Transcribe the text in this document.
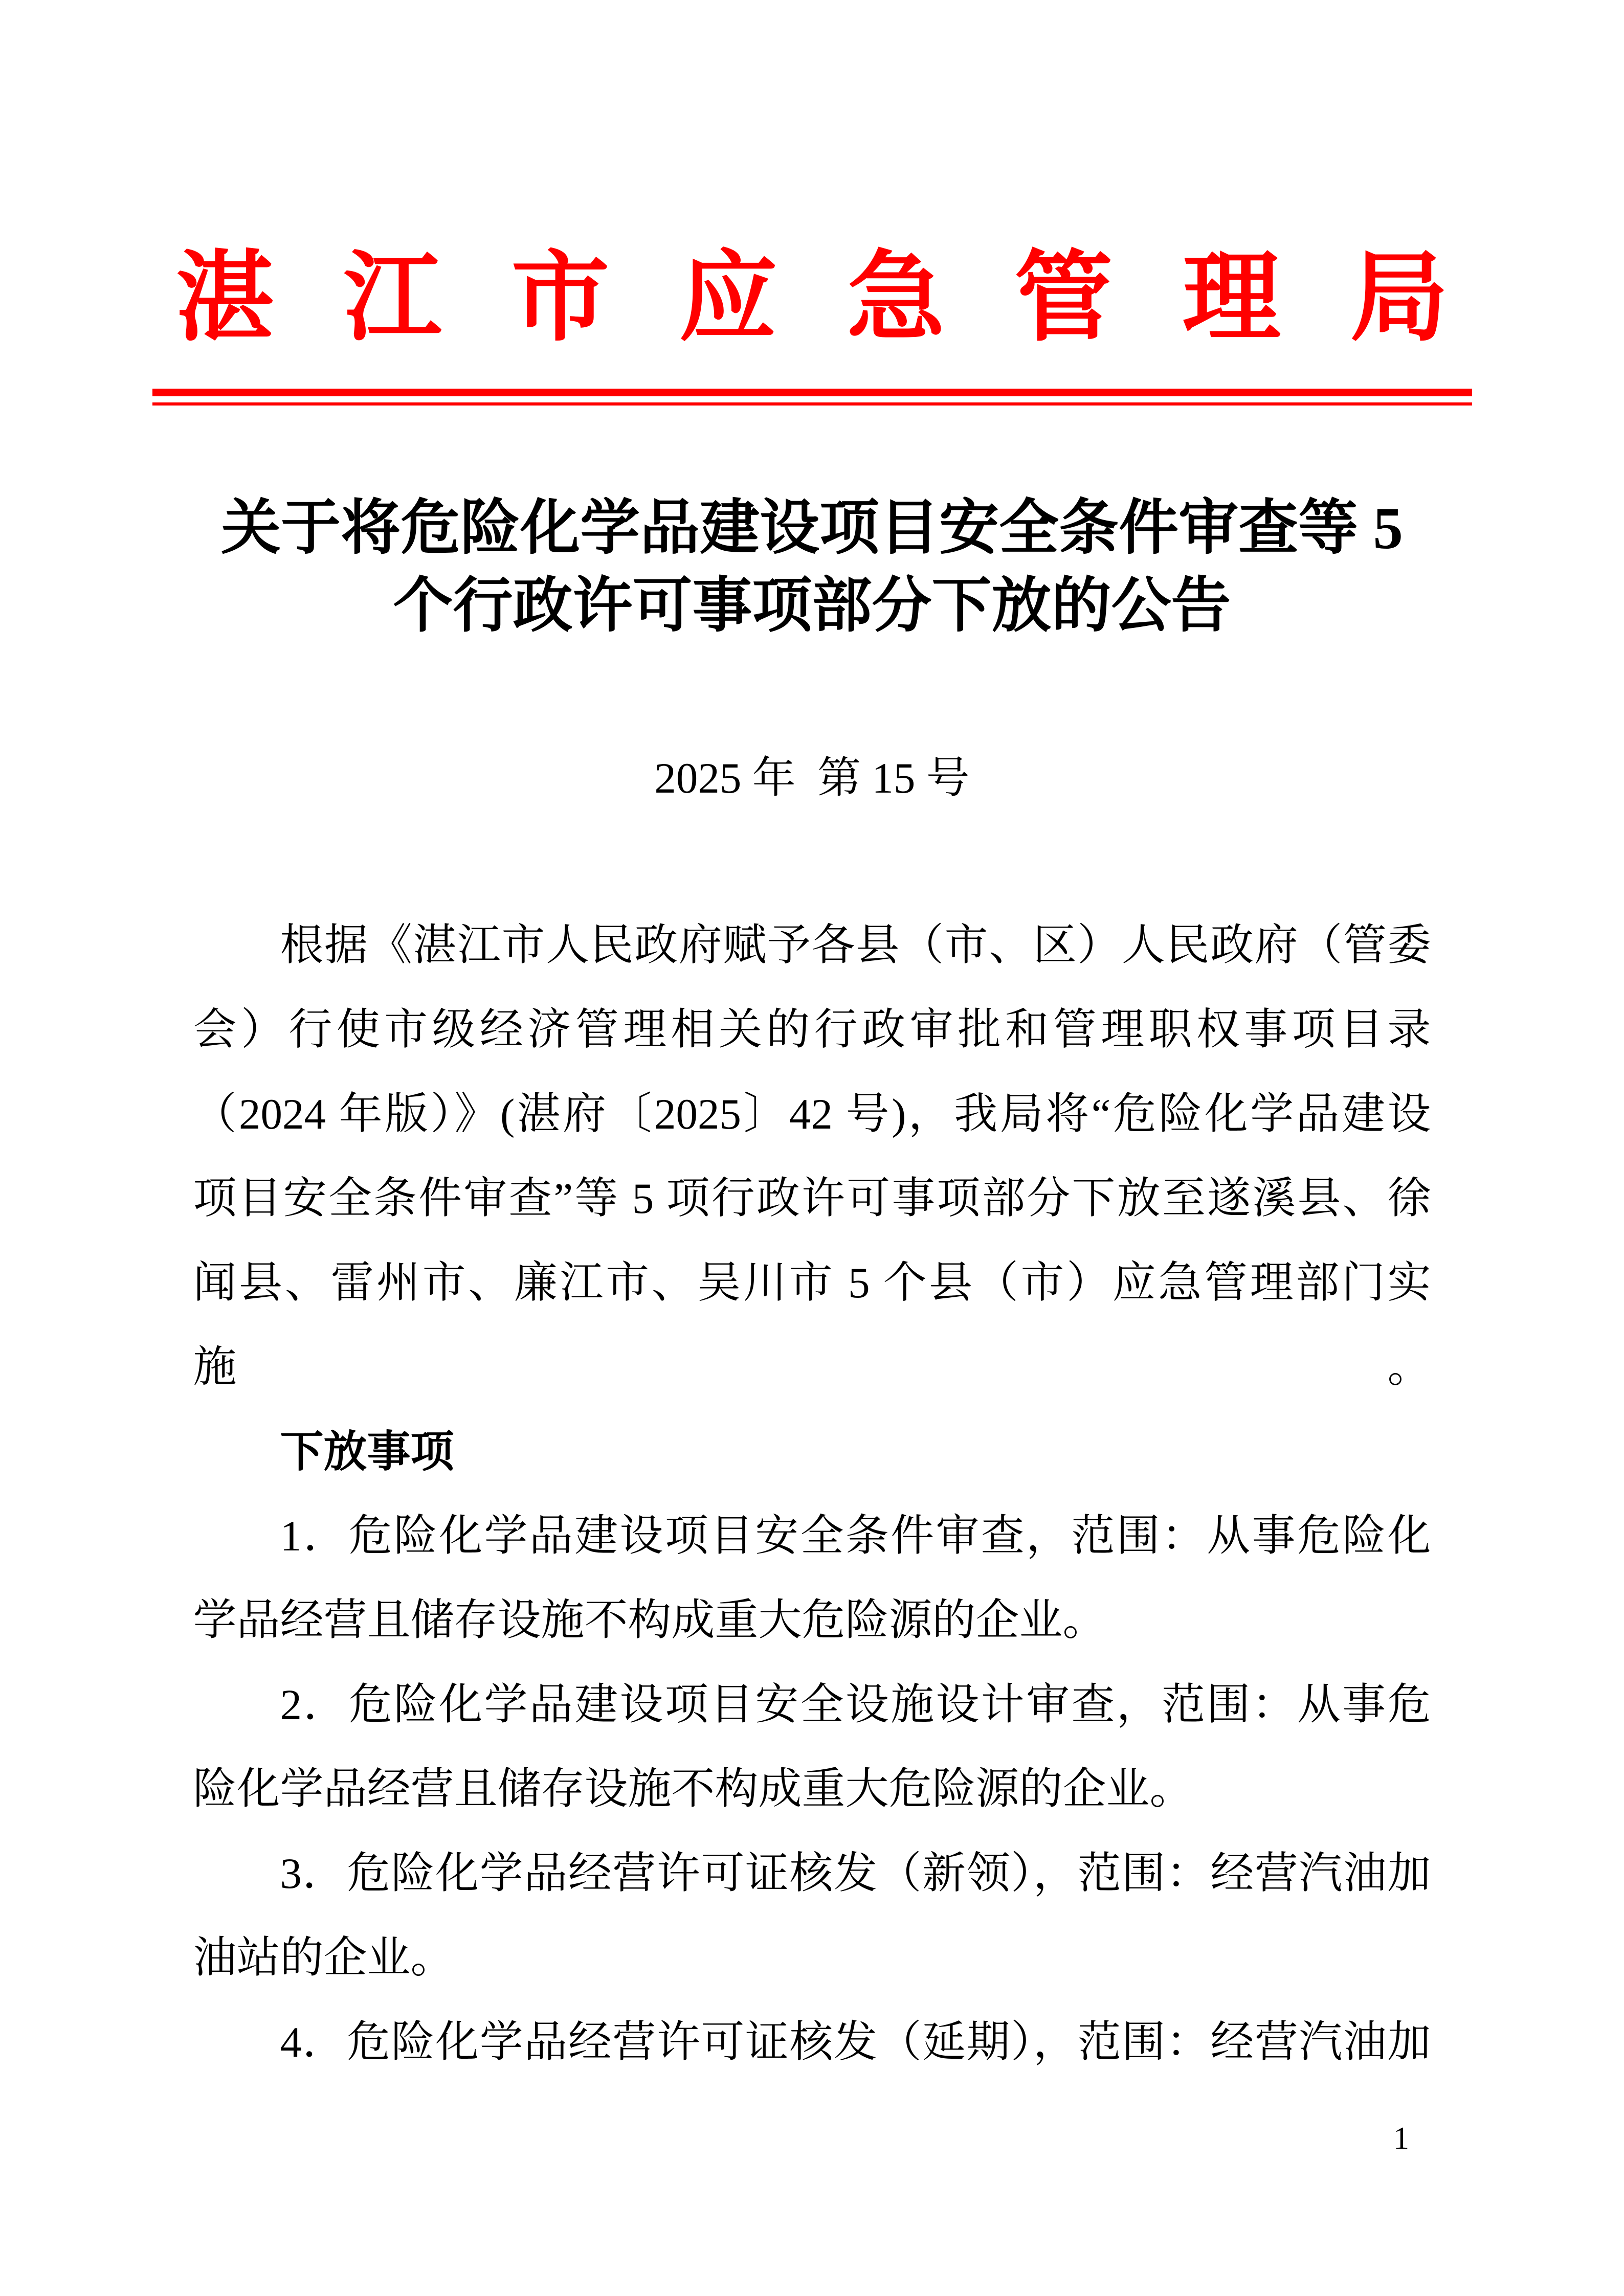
湛 江 市 应 急 管 理 局
关于将危险化学品建设项目安全条件审查等 5
个行政许可事项部分下放的公告
2025 年  第 15 号
根据《湛江市人民政府赋予各县（市、区）人民政府（管委
会）行使市级经济管理相关的行政审批和管理职权事项目录
（2024 年版）》(湛府〔2025〕42 号)，我局将“危险化学品建设
项目安全条件审查”等 5 项行政许可事项部分下放至遂溪县、徐
闻县、雷州市、廉江市、吴川市 5 个县（市）应急管理部门实施。
下放事项
1．危险化学品建设项目安全条件审查，范围：从事危险化
学品经营且储存设施不构成重大危险源的企业。
2．危险化学品建设项目安全设施设计审查，范围：从事危
险化学品经营且储存设施不构成重大危险源的企业。
3．危险化学品经营许可证核发（新领），范围：经营汽油加
油站的企业。
4．危险化学品经营许可证核发（延期），范围：经营汽油加
1
